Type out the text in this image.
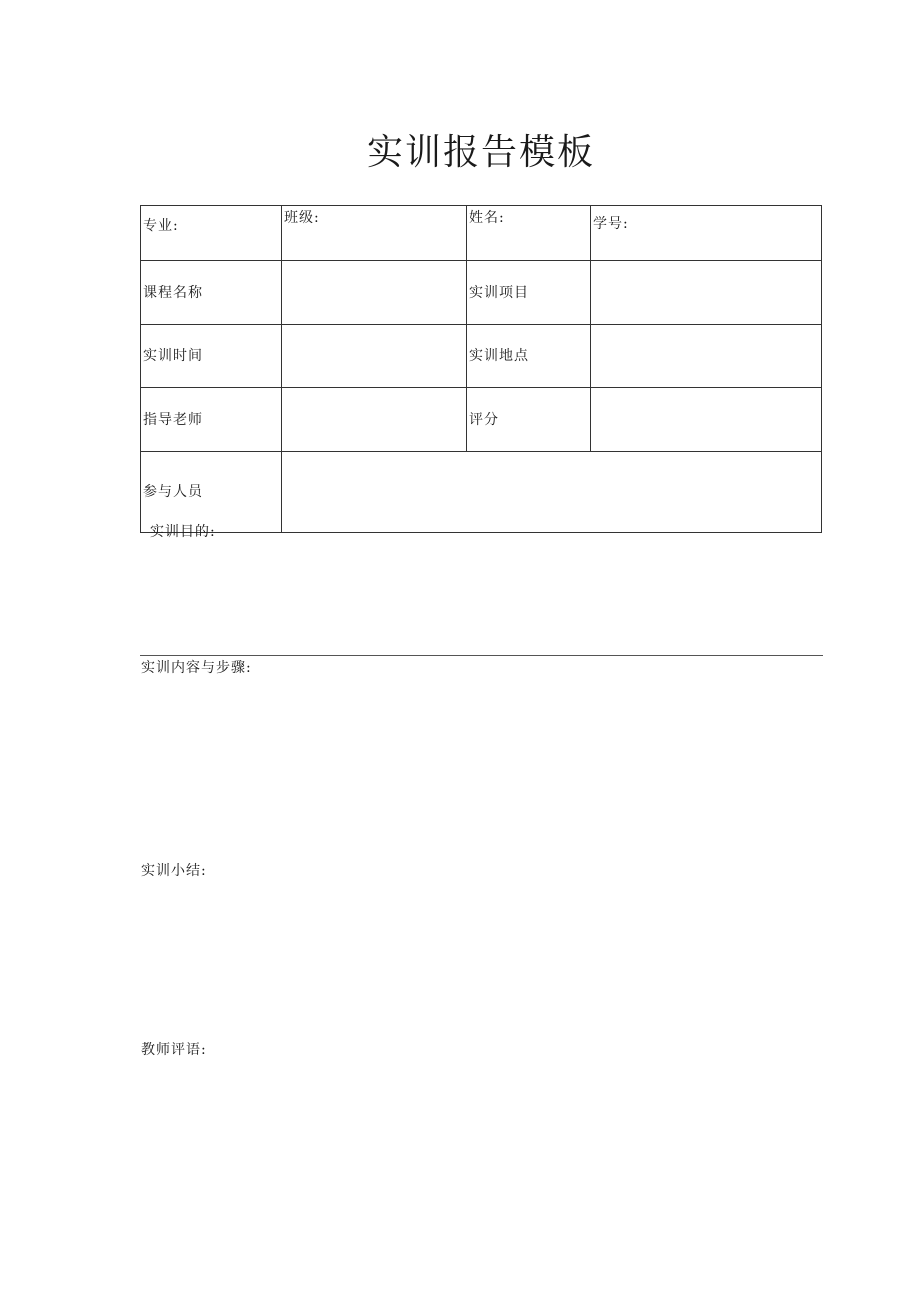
实训报告模板
专业:	班级:	姓名:	学号:
课程名称		实训项目	
实训时间		实训地点	
指导老师		评分	
参与人员			
实训目的:
实训内容与步骤:
实训小结:
教师评语:
